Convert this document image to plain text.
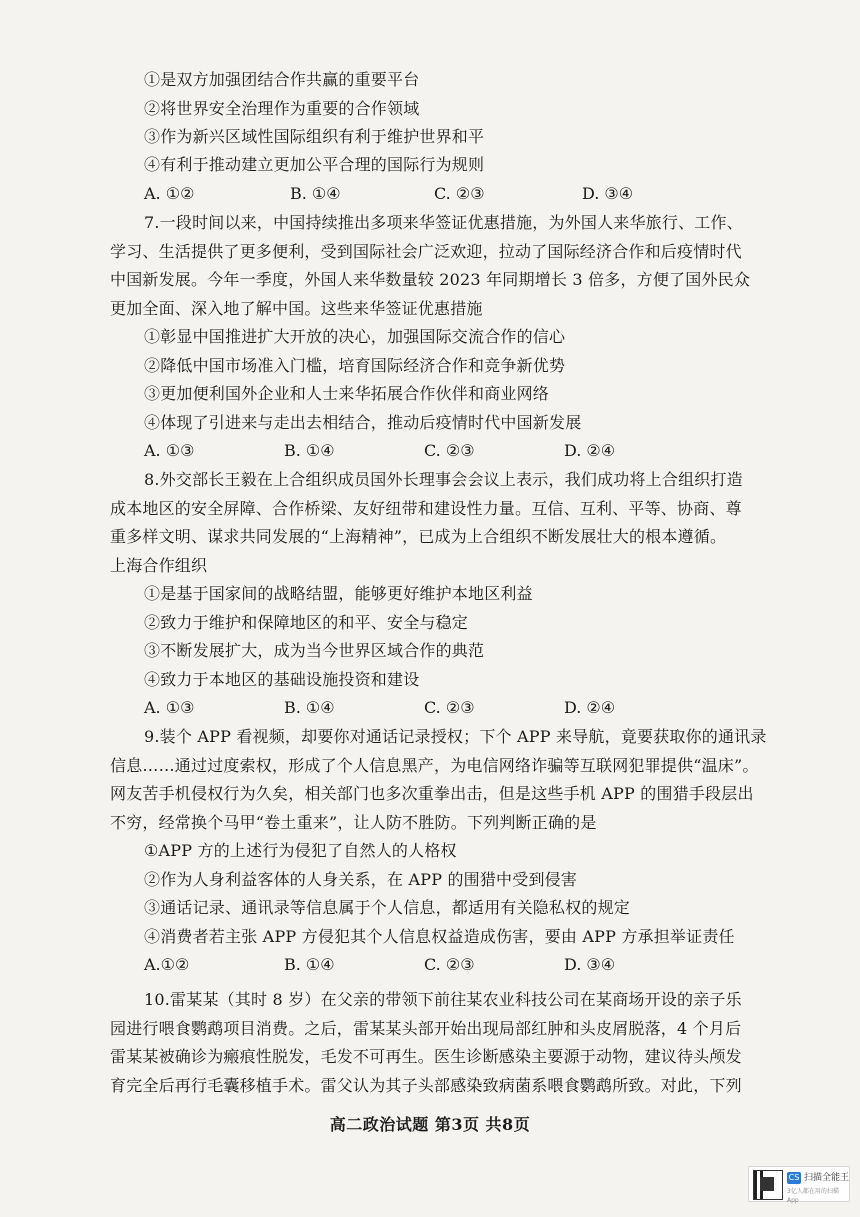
①是双方加强团结合作共赢的重要平台
②将世界安全治理作为重要的合作领域
③作为新兴区域性国际组织有利于维护世界和平
④有利于推动建立更加公平合理的国际行为规则
A. ①②	B. ①④	C. ②③	D. ③④
7.一段时间以来，中国持续推出多项来华签证优惠措施，为外国人来华旅行、工作、
学习、生活提供了更多便利，受到国际社会广泛欢迎，拉动了国际经济合作和后疫情时代
中国新发展。今年一季度，外国人来华数量较 2023 年同期增长 3 倍多，方便了国外民众
更加全面、深入地了解中国。这些来华签证优惠措施
①彰显中国推进扩大开放的决心，加强国际交流合作的信心
②降低中国市场准入门槛，培育国际经济合作和竞争新优势
③更加便利国外企业和人士来华拓展合作伙伴和商业网络
④体现了引进来与走出去相结合，推动后疫情时代中国新发展
A. ①③	B. ①④	C. ②③	D. ②④
8.外交部长王毅在上合组织成员国外长理事会会议上表示，我们成功将上合组织打造
成本地区的安全屏障、合作桥梁、友好纽带和建设性力量。互信、互利、平等、协商、尊
重多样文明、谋求共同发展的“上海精神”，已成为上合组织不断发展壮大的根本遵循。
上海合作组织
①是基于国家间的战略结盟，能够更好维护本地区利益
②致力于维护和保障地区的和平、安全与稳定
③不断发展扩大，成为当今世界区域合作的典范
④致力于本地区的基础设施投资和建设
A. ①③	B. ①④	C. ②③	D. ②④
9.装个 APP 看视频，却要你对通话记录授权；下个 APP 来导航，竟要获取你的通讯录
信息……通过过度索权，形成了个人信息黑产，为电信网络诈骗等互联网犯罪提供“温床”。
网友苦手机侵权行为久矣，相关部门也多次重拳出击，但是这些手机 APP 的围猎手段层出
不穷，经常换个马甲“卷土重来”，让人防不胜防。下列判断正确的是
①APP 方的上述行为侵犯了自然人的人格权
②作为人身利益客体的人身关系，在 APP 的围猎中受到侵害
③通话记录、通讯录等信息属于个人信息，都适用有关隐私权的规定
④消费者若主张 APP 方侵犯其个人信息权益造成伤害，要由 APP 方承担举证责任
A.①②	B. ①④	C. ②③	D. ③④
10.雷某某（其时 8 岁）在父亲的带领下前往某农业科技公司在某商场开设的亲子乐
园进行喂食鹦鹉项目消费。之后，雷某某头部开始出现局部红肿和头皮屑脱落，4 个月后
雷某某被确诊为瘢痕性脱发，毛发不可再生。医生诊断感染主要源于动物，建议待头颅发
育完全后再行毛囊移植手术。雷父认为其子头部感染致病菌系喂食鹦鹉所致。对此，下列
高二政治试题 第3页 共8页
CS 扫描全能王
3亿人都在用的扫描App
